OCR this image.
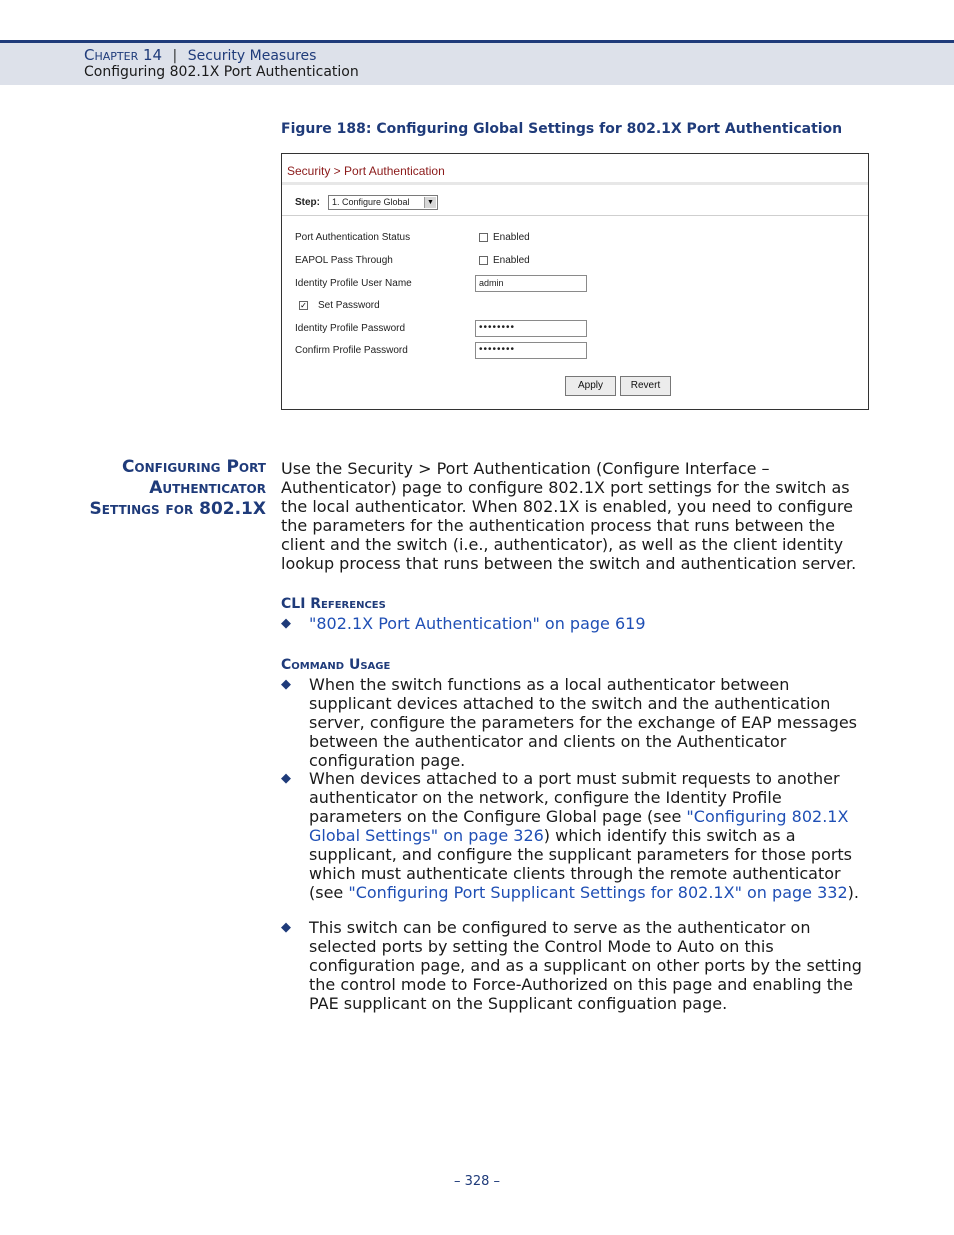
Chapter 14 | Security Measures
Configuring 802.1X Port Authentication
Figure 188: Configuring Global Settings for 802.1X Port Authentication
Security > Port Authentication
Step:	1. Configure Global	▼
Port Authentication Status	Enabled
EAPOL Pass Through	Enabled
Identity Profile User Name	admin
✓ Set Password
Identity Profile Password	••••••••
Confirm Profile Password	••••••••
Apply	Revert
Configuring Port
Authenticator
Settings for 802.1X
Use the Security > Port Authentication (Configure Interface – Authenticator) page to configure 802.1X port settings for the switch as the local authenticator. When 802.1X is enabled, you need to configure the parameters for the authentication process that runs between the client and the switch (i.e., authenticator), as well as the client identity lookup process that runs between the switch and authentication server.
CLI References
◆ "802.1X Port Authentication" on page 619
Command Usage
◆ When the switch functions as a local authenticator between supplicant devices attached to the switch and the authentication server, configure the parameters for the exchange of EAP messages between the authenticator and clients on the Authenticator configuration page.
◆ When devices attached to a port must submit requests to another authenticator on the network, configure the Identity Profile parameters on the Configure Global page (see "Configuring 802.1X Global Settings" on page 326) which identify this switch as a supplicant, and configure the supplicant parameters for those ports which must authenticate clients through the remote authenticator (see "Configuring Port Supplicant Settings for 802.1X" on page 332).
◆ This switch can be configured to serve as the authenticator on selected ports by setting the Control Mode to Auto on this configuration page, and as a supplicant on other ports by the setting the control mode to Force-Authorized on this page and enabling the PAE supplicant on the Supplicant configuation page.
– 328 –
